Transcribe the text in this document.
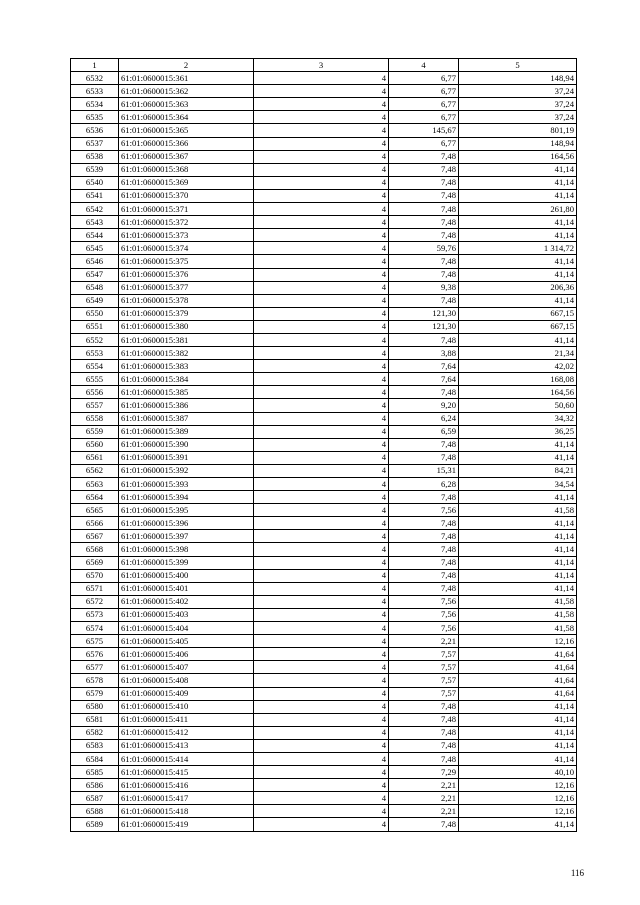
1	2	3	4	5
6532	61:01:0600015:361	4	6,77	148,94
6533	61:01:0600015:362	4	6,77	37,24
6534	61:01:0600015:363	4	6,77	37,24
6535	61:01:0600015:364	4	6,77	37,24
6536	61:01:0600015:365	4	145,67	801,19
6537	61:01:0600015:366	4	6,77	148,94
6538	61:01:0600015:367	4	7,48	164,56
6539	61:01:0600015:368	4	7,48	41,14
6540	61:01:0600015:369	4	7,48	41,14
6541	61:01:0600015:370	4	7,48	41,14
6542	61:01:0600015:371	4	7,48	261,80
6543	61:01:0600015:372	4	7,48	41,14
6544	61:01:0600015:373	4	7,48	41,14
6545	61:01:0600015:374	4	59,76	1 314,72
6546	61:01:0600015:375	4	7,48	41,14
6547	61:01:0600015:376	4	7,48	41,14
6548	61:01:0600015:377	4	9,38	206,36
6549	61:01:0600015:378	4	7,48	41,14
6550	61:01:0600015:379	4	121,30	667,15
6551	61:01:0600015:380	4	121,30	667,15
6552	61:01:0600015:381	4	7,48	41,14
6553	61:01:0600015:382	4	3,88	21,34
6554	61:01:0600015:383	4	7,64	42,02
6555	61:01:0600015:384	4	7,64	168,08
6556	61:01:0600015:385	4	7,48	164,56
6557	61:01:0600015:386	4	9,20	50,60
6558	61:01:0600015:387	4	6,24	34,32
6559	61:01:0600015:389	4	6,59	36,25
6560	61:01:0600015:390	4	7,48	41,14
6561	61:01:0600015:391	4	7,48	41,14
6562	61:01:0600015:392	4	15,31	84,21
6563	61:01:0600015:393	4	6,28	34,54
6564	61:01:0600015:394	4	7,48	41,14
6565	61:01:0600015:395	4	7,56	41,58
6566	61:01:0600015:396	4	7,48	41,14
6567	61:01:0600015:397	4	7,48	41,14
6568	61:01:0600015:398	4	7,48	41,14
6569	61:01:0600015:399	4	7,48	41,14
6570	61:01:0600015:400	4	7,48	41,14
6571	61:01:0600015:401	4	7,48	41,14
6572	61:01:0600015:402	4	7,56	41,58
6573	61:01:0600015:403	4	7,56	41,58
6574	61:01:0600015:404	4	7,56	41,58
6575	61:01:0600015:405	4	2,21	12,16
6576	61:01:0600015:406	4	7,57	41,64
6577	61:01:0600015:407	4	7,57	41,64
6578	61:01:0600015:408	4	7,57	41,64
6579	61:01:0600015:409	4	7,57	41,64
6580	61:01:0600015:410	4	7,48	41,14
6581	61:01:0600015:411	4	7,48	41,14
6582	61:01:0600015:412	4	7,48	41,14
6583	61:01:0600015:413	4	7,48	41,14
6584	61:01:0600015:414	4	7,48	41,14
6585	61:01:0600015:415	4	7,29	40,10
6586	61:01:0600015:416	4	2,21	12,16
6587	61:01:0600015:417	4	2,21	12,16
6588	61:01:0600015:418	4	2,21	12,16
6589	61:01:0600015:419	4	7,48	41,14
116
